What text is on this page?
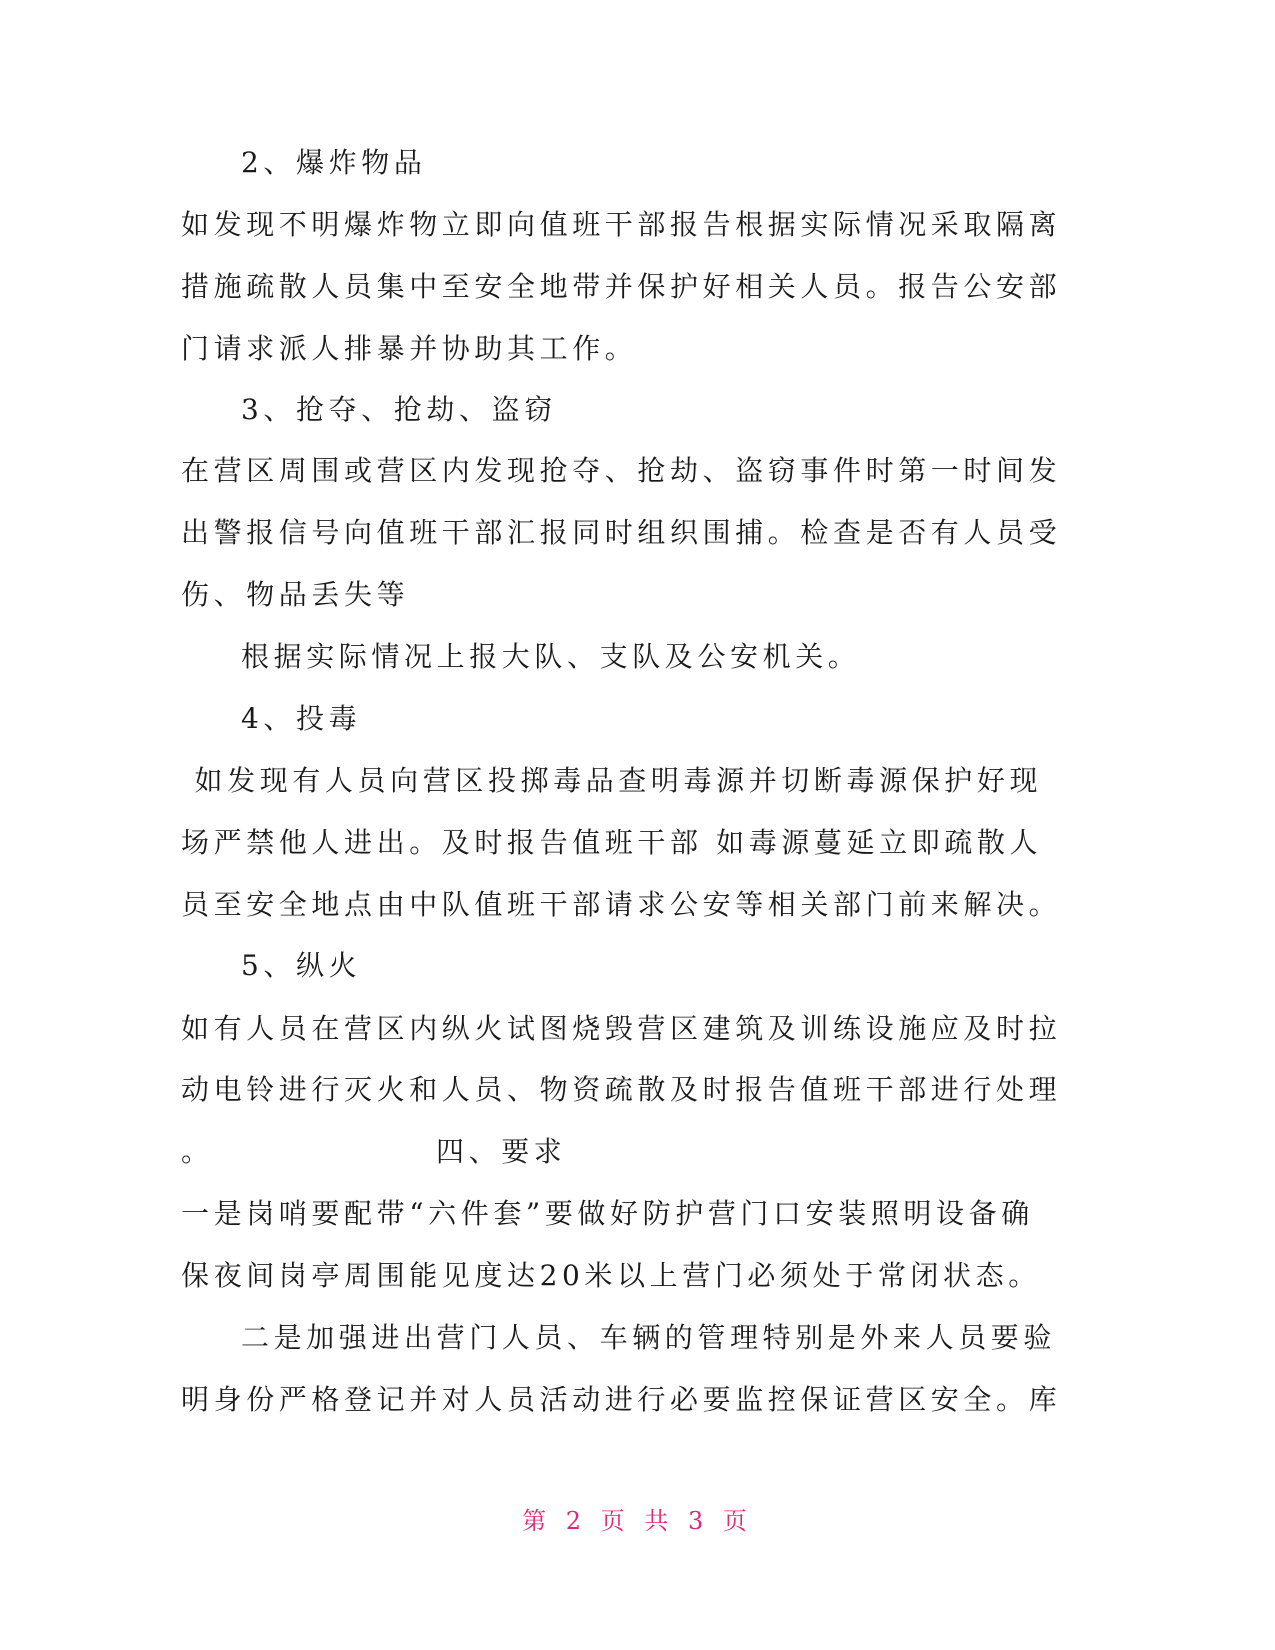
2、爆炸物品
如发现不明爆炸物立即向值班干部报告根据实际情况采取隔离
措施疏散人员集中至安全地带并保护好相关人员。报告公安部
门请求派人排暴并协助其工作。
3、抢夺、抢劫、盗窃
在营区周围或营区内发现抢夺、抢劫、盗窃事件时第一时间发
出警报信号向值班干部汇报同时组织围捕。检查是否有人员受
伤、物品丢失等
根据实际情况上报大队、支队及公安机关。
4、投毒
如发现有人员向营区投掷毒品查明毒源并切断毒源保护好现
场严禁他人进出。及时报告值班干部 如毒源蔓延立即疏散人
员至安全地点由中队值班干部请求公安等相关部门前来解决。
5、纵火
如有人员在营区内纵火试图烧毁营区建筑及训练设施应及时拉
动电铃进行灭火和人员、物资疏散及时报告值班干部进行处理
。	四、要求
一是岗哨要配带“六件套”要做好防护营门口安装照明设备确
保夜间岗亭周围能见度达20米以上营门必须处于常闭状态。
二是加强进出营门人员、车辆的管理特别是外来人员要验
明身份严格登记并对人员活动进行必要监控保证营区安全。库
第 2 页 共 3 页
